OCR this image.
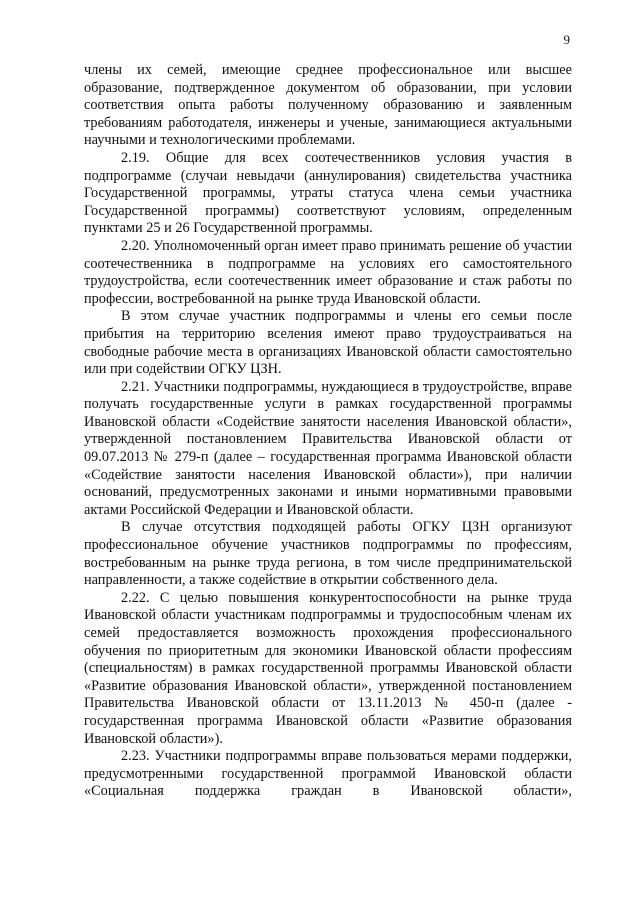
9

члены их семей, имеющие среднее профессиональное или высшее образование, подтвержденное документом об образовании, при условии соответствия опыта работы полученному образованию и заявленным требованиям работодателя, инженеры и ученые, занимающиеся актуальными научными и технологическими проблемами.

2.19. Общие для всех соотечественников условия участия в подпрограмме (случаи невыдачи (аннулирования) свидетельства участника Государственной программы, утраты статуса члена семьи участника Государственной программы) соответствуют условиям, определенным пунктами 25 и 26 Государственной программы.

2.20. Уполномоченный орган имеет право принимать решение об участии соотечественника в подпрограмме на условиях его самостоятельного трудоустройства, если соотечественник имеет образование и стаж работы по профессии, востребованной на рынке труда Ивановской области.

В этом случае участник подпрограммы и члены его семьи после прибытия на территорию вселения имеют право трудоустраиваться на свободные рабочие места в организациях Ивановской области самостоятельно или при содействии ОГКУ ЦЗН.

2.21. Участники подпрограммы, нуждающиеся в трудоустройстве, вправе получать государственные услуги в рамках государственной программы Ивановской области «Содействие занятости населения Ивановской области», утвержденной постановлением Правительства Ивановской области от 09.07.2013 № 279-п (далее – государственная программа Ивановской области «Содействие занятости населения Ивановской области»), при наличии оснований, предусмотренных законами и иными нормативными правовыми актами Российской Федерации и Ивановской области.

В случае отсутствия подходящей работы ОГКУ ЦЗН организуют профессиональное обучение участников подпрограммы по профессиям, востребованным на рынке труда региона, в том числе предпринимательской направленности, а также содействие в открытии собственного дела.

2.22. С целью повышения конкурентоспособности на рынке труда Ивановской области участникам подпрограммы и трудоспособным членам их семей предоставляется возможность прохождения профессионального обучения по приоритетным для экономики Ивановской области профессиям (специальностям) в рамках государственной программы Ивановской области «Развитие образования Ивановской области», утвержденной постановлением Правительства Ивановской области от 13.11.2013 № 450-п (далее - государственная программа Ивановской области «Развитие образования Ивановской области»).

2.23. Участники подпрограммы вправе пользоваться мерами поддержки, предусмотренными государственной программой Ивановской области «Социальная поддержка граждан в Ивановской области»,
